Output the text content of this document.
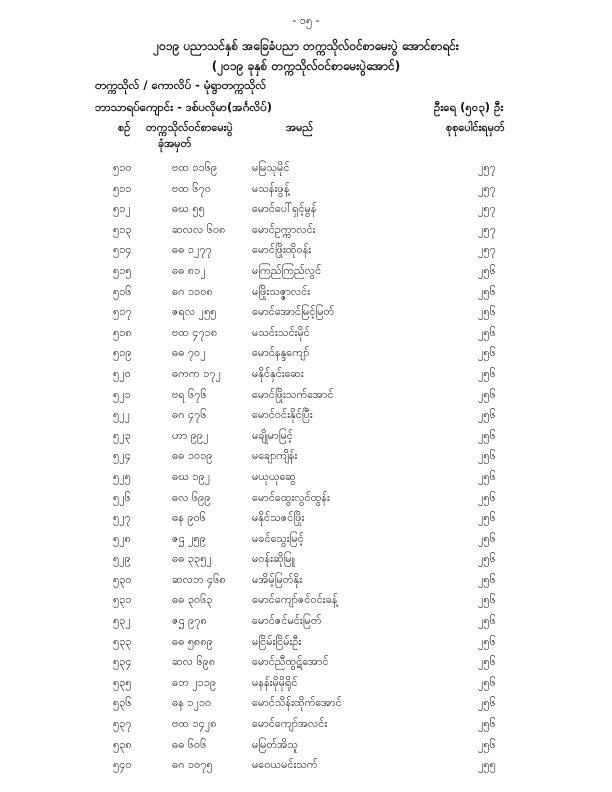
- ၁၅ -
၂၀၁၉ ပညာသင်နှစ် အခြေခံပညာ တက္ကသိုလ်ဝင်စာမေးပွဲ အောင်စာရင်း
(၂၀၁၉ ခုနှစ် တက္ကသိုလ်ဝင်စာမေးပွဲအောင်)
တက္ကသိုလ် / ကောလိပ် - မုံရွာတက္ကသိုလ်
ဘာသာရပ်ကျောင်း - ဒစ်ပလိုမာ(အင်္ဂလိပ်)	ဦးရေ (၅၀၃) ဦး
စဉ် တက္ကသိုလ်ဝင်စာမေးပွဲ
ခုံအမှတ်
အမည်	စုစုပေါင်းရမှတ်
၅၁၀	ဗထ ၁၁၆၉	မမြသုမိုင်	၂၅၇
၅၁၁	ဗထ ၆၇၀	မသန်းဖွန့်	၂၅၇
၅၁၂	ဓဃ ၅၅	မောင်ပေါ်ရှင့်မွန်	၂၅၇
၅၁၃	ဆလလ ၆၀၈ မောင်ဥက္ကာလင်း	၂၅၇
၅၁၄	ဓဓ ၁၂၇၇	မောင်ဖြိုးထိုဝန်း	၂၅၇
၅၁၅	ဓဓ ၈၁၂	မကြည်ကြည်လွင်	၂၅၆
၅၁၆	ဓဂ ၁၁၀၈	မဖြိုးသဇ္ဇာလင်း	၂၅၆
၅၁၇	ဇရလ ၂၅၅	မောင်အောင်မြင့်မြတ်	၂၅၆
၅၁၈	ဗထ ၄၇၁၈	မသင်းသင်းမိုင်	၂၅၆
၅၁၉	ဓဓ ၇၀၂	မောင်နန္ဒကျော်	၂၅၆
၅၂၀	ဓကက ၁၇၂	မနိုင်နှင်းဆေး	၂၅၆
၅၂၁	ဗရ ၆၇၆	မောင်ဖြိုးသက်အောင်	၂၅၆
၅၂၂	ဓဂ ၄၇၆	မောင်ဝင်းနိုင်ပြီး	၂၅၆
၅၂၃	ဟာ ၉၉၂	မချိုမာမြင့်	၂၅၆
၅၂၄	ဓဓ ၁၀၁၉	မချောကျိန်း	၂၅၆
၅၂၅	ဓဃ ၁၉၂	မယုယုဆွေ	၂၅၆
၅၂၆	ဓလ ၆၉၉	မောင်ထွေးလွင်ထွန်း	၂၅၆
၅၂၇	ဓန ၉၀၆	မနိုင်သဇင်ဖြိုး	၂၅၆
၅၂၈	ဇဌ ၂၅၉	မခင်သွေးမြင့်	၂၅၆
၅၂၉	ဓဓ ၃၃၅၂	မဝန်းဆိုမြူ	၂၅၆
၅၃၀	ဆလဘ ၄၆၈ မအိမ့်မြတ်နိုး	၂၅၆
၅၃၁	ဓဓ ၃၀၆၃	မောင်ကျော်ဇင်ဝင်းခန့်	၂၅၆
၅၃၂	ဇဌ ၉၇၈	မောင်ဇင်မင်းမြတ်	၂၅၆
၅၃၃	ဓဓ ၅၈၈၉	မငြိမ်းငြိမ်းဦး	၂၅၆
၅၃၄	ဆလ ၆၉၈	မောင်ညီထွဋ်အောင်	၂၅၆
၅၃၅	ဓဘ ၂၁၁၉	မနန်းမိုမိုရိုင်	၂၅၆
၅၃၆	ဓန ၁၂၁၀	မောင်သိန်းထိုက်အောင်	၂၅၆
၅၃၇	ဗထ ၁၄၂၈	မောင်ကျော်အလင်း	၂၅၆
၅၃၈	ဓဓ ၆၀၆	မမြတ်အိသူ	၂၅၆
၅၄၀	ဓဂ ၁၀၇၅	မဝေယမင်းသက်	၂၅၅
